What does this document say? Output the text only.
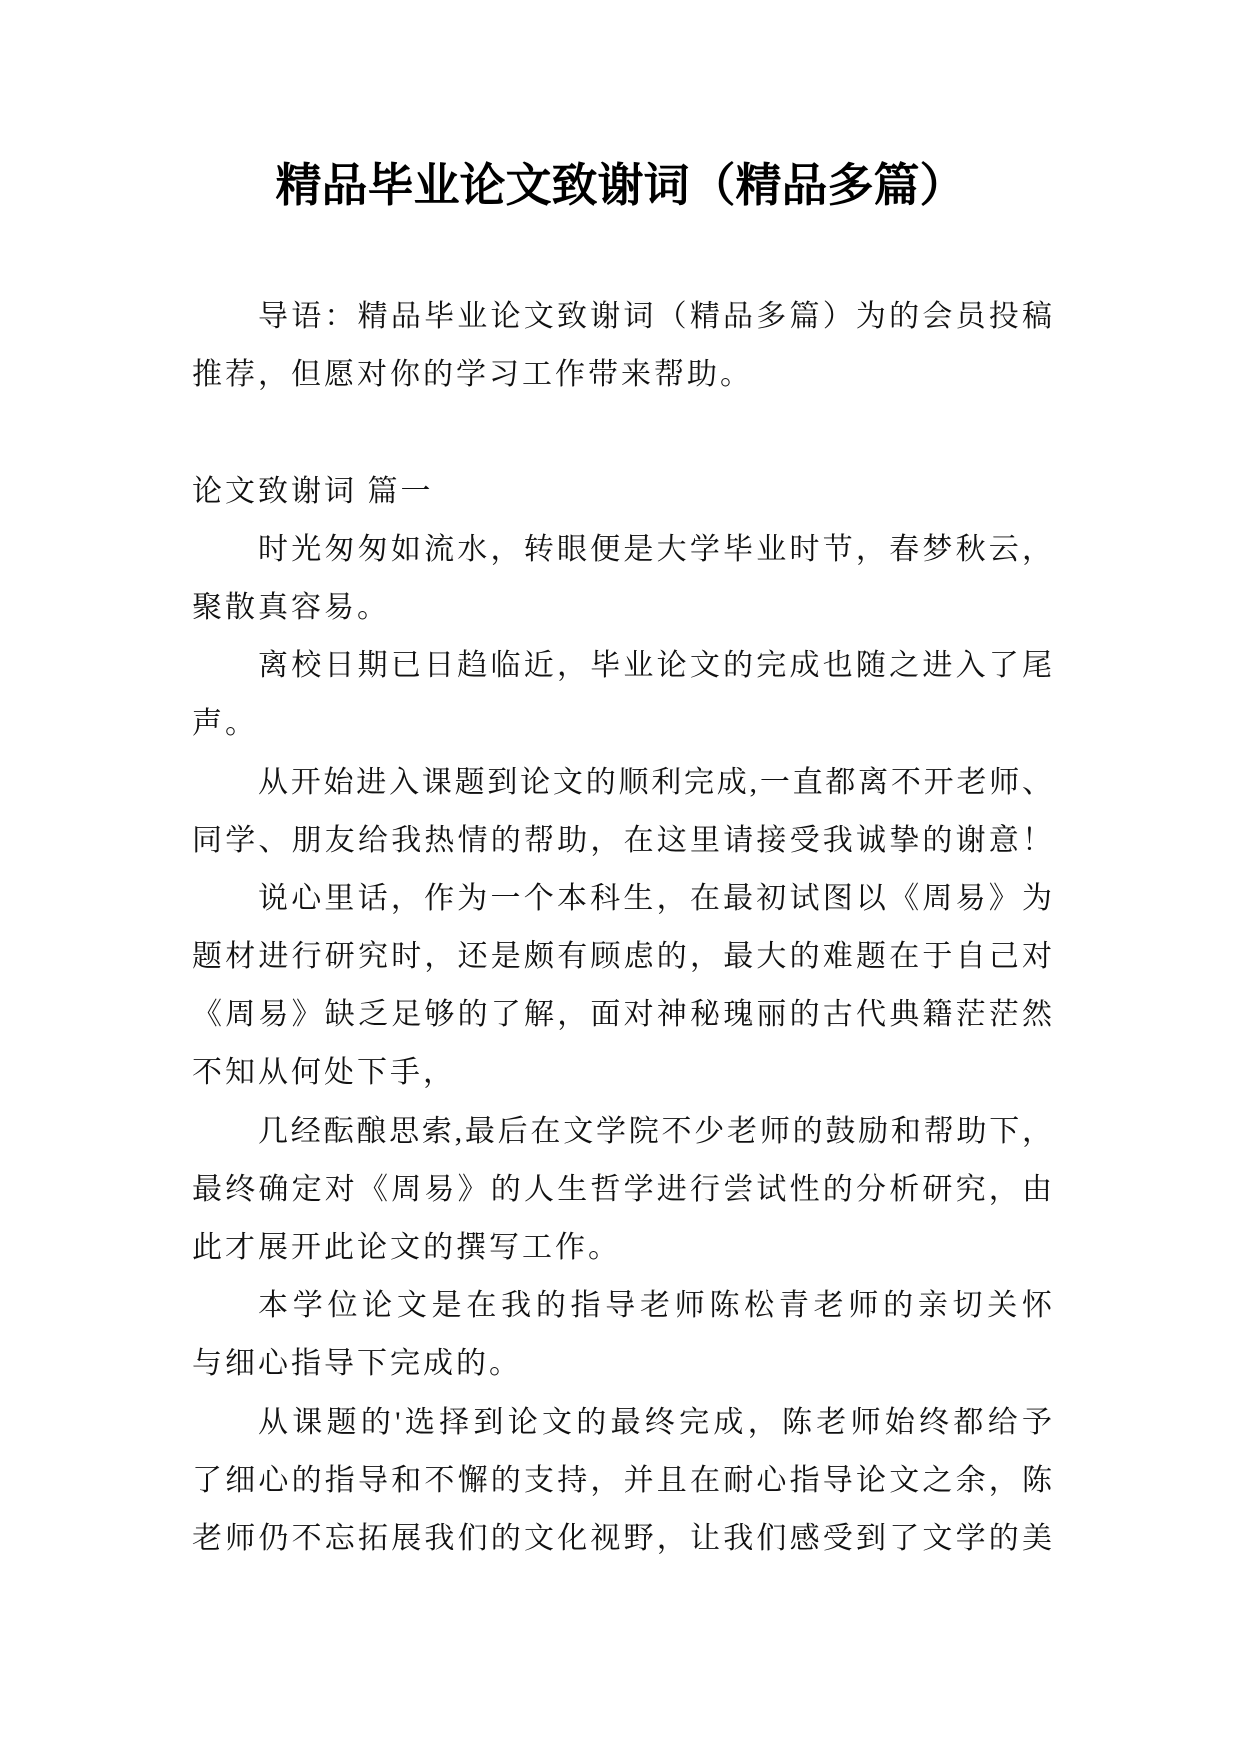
精品毕业论文致谢词（精品多篇）
导语：精品毕业论文致谢词（精品多篇）为的会员投稿
推荐，但愿对你的学习工作带来帮助。
论文致谢词 篇一
时光匆匆如流水，转眼便是大学毕业时节，春梦秋云，
聚散真容易。
离校日期已日趋临近，毕业论文的完成也随之进入了尾
声。
从开始进入课题到论文的顺利完成,一直都离不开老师、
同学、朋友给我热情的帮助，在这里请接受我诚挚的谢意！
说心里话，作为一个本科生，在最初试图以《周易》为
题材进行研究时，还是颇有顾虑的，最大的难题在于自己对
《周易》缺乏足够的了解，面对神秘瑰丽的古代典籍茫茫然
不知从何处下手，
几经酝酿思索,最后在文学院不少老师的鼓励和帮助下，
最终确定对《周易》的人生哲学进行尝试性的分析研究，由
此才展开此论文的撰写工作。
本学位论文是在我的指导老师陈松青老师的亲切关怀
与细心指导下完成的。
从课题的'选择到论文的最终完成，陈老师始终都给予
了细心的指导和不懈的支持，并且在耐心指导论文之余，陈
老师仍不忘拓展我们的文化视野，让我们感受到了文学的美
